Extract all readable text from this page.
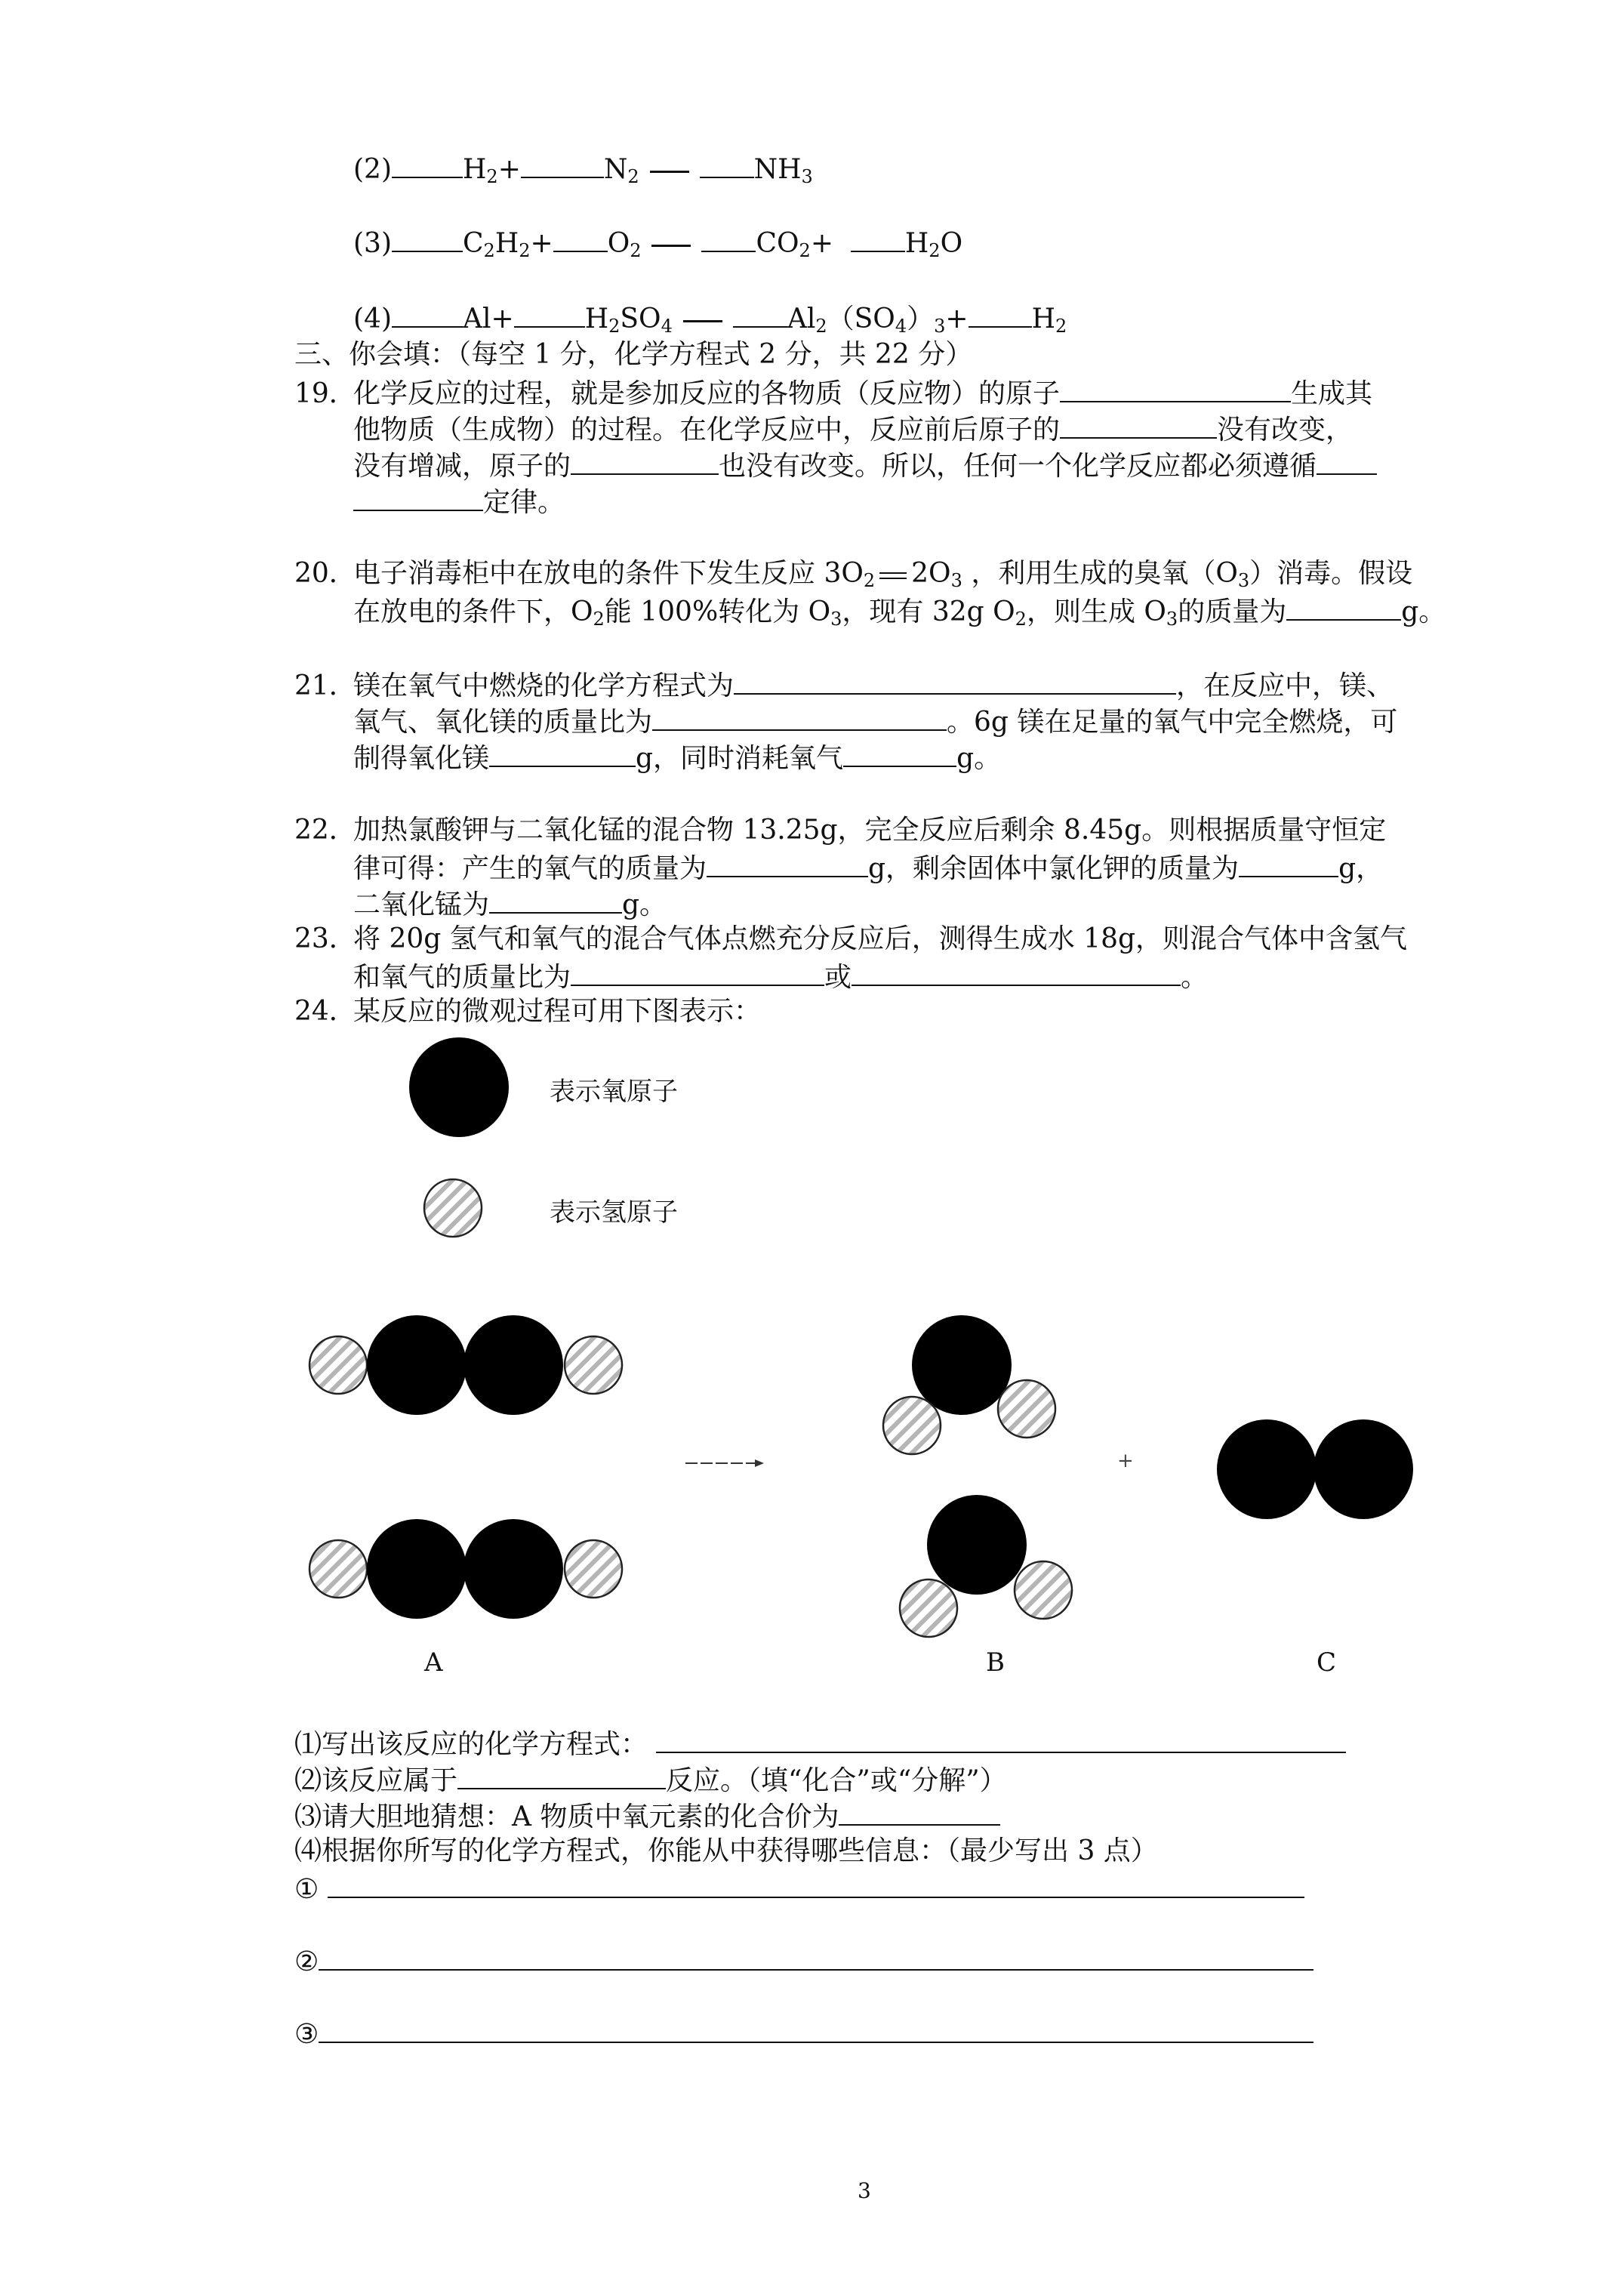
(2)	$H_2+$	$N_2$	$NH_3$
(3)	$C_2H_2+ O_2$	$CO_2+$	$H_2O$
(4)	Al+	$H_2SO_4$	$Al_2(SO_4)_3+ H_2$
三、你会填：（每空 1 分，化学方程式 2 分，共 22 分）
19．化学反应的过程，就是参加反应的各物质（反应物）的原子	生成其
他物质（生成物）的过程。在化学反应中，反应前后原子的	没有改变，
没有增减，原子的	也没有改变。所以，任何一个化学反应都必须遵循
定律。
20．电子消毒柜中在放电的条件下发生反应 $3O_2$ $2O_3$ ，利用生成的臭氧$(O_3)$消毒。假设
在放电的条件下，$O_2$能 100%转化为 $O_3$，现有 32g $O_2$，则生成 $O_3$的质量为	g。
21．镁在氧气中燃烧的化学方程式为	，在反应中，镁、
氧气、氧化镁的质量比为	。6g 镁在足量的氧气中完全燃烧，可
制得氧化镁	g，同时消耗氧气	g。
22．加热氯酸钾与二氧化锰的混合物 13.25g，完全反应后剩余 8.45g。则根据质量守恒定
律可得：产生的氧气的质量为	g，剩余固体中氯化钾的质量为	g，
二氧化锰为	g。
23．将 20g 氢气和氧气的混合气体点燃充分反应后，测得生成水 18g，则混合气体中含氢气
和氧气的质量比为	或	。
24．某反应的微观过程可用下图表示：
表示氧原子
表示氢原子
+
A	B	C
⑴写出该反应的化学方程式：
⑵该反应属于	反应。（填“化合”或“分解”）
⑶请大胆地猜想：A 物质中氧元素的化合价为
⑷根据你所写的化学方程式，你能从中获得哪些信息：（最少写出 3 点）
①
②
③
3
